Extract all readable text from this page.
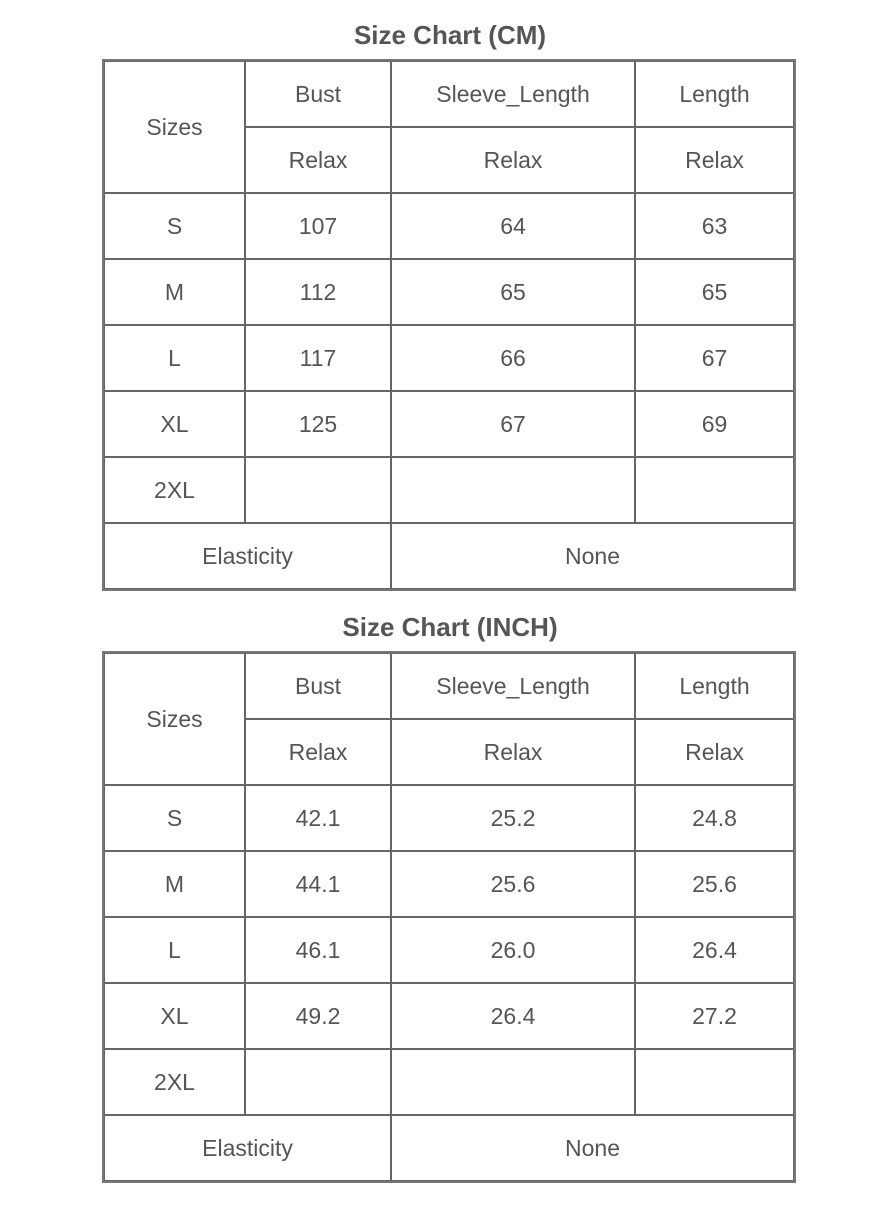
Size Chart (CM)
Sizes	Bust	Sleeve_Length	Length
	Relax	Relax	Relax
S	107	64	63
M	112	65	65
L	117	66	67
XL	125	67	69
2XL			
Elasticity		None	
Size Chart (INCH)
Sizes	Bust	Sleeve_Length	Length
	Relax	Relax	Relax
S	42.1	25.2	24.8
M	44.1	25.6	25.6
L	46.1	26.0	26.4
XL	49.2	26.4	27.2
2XL			
Elasticity		None	
